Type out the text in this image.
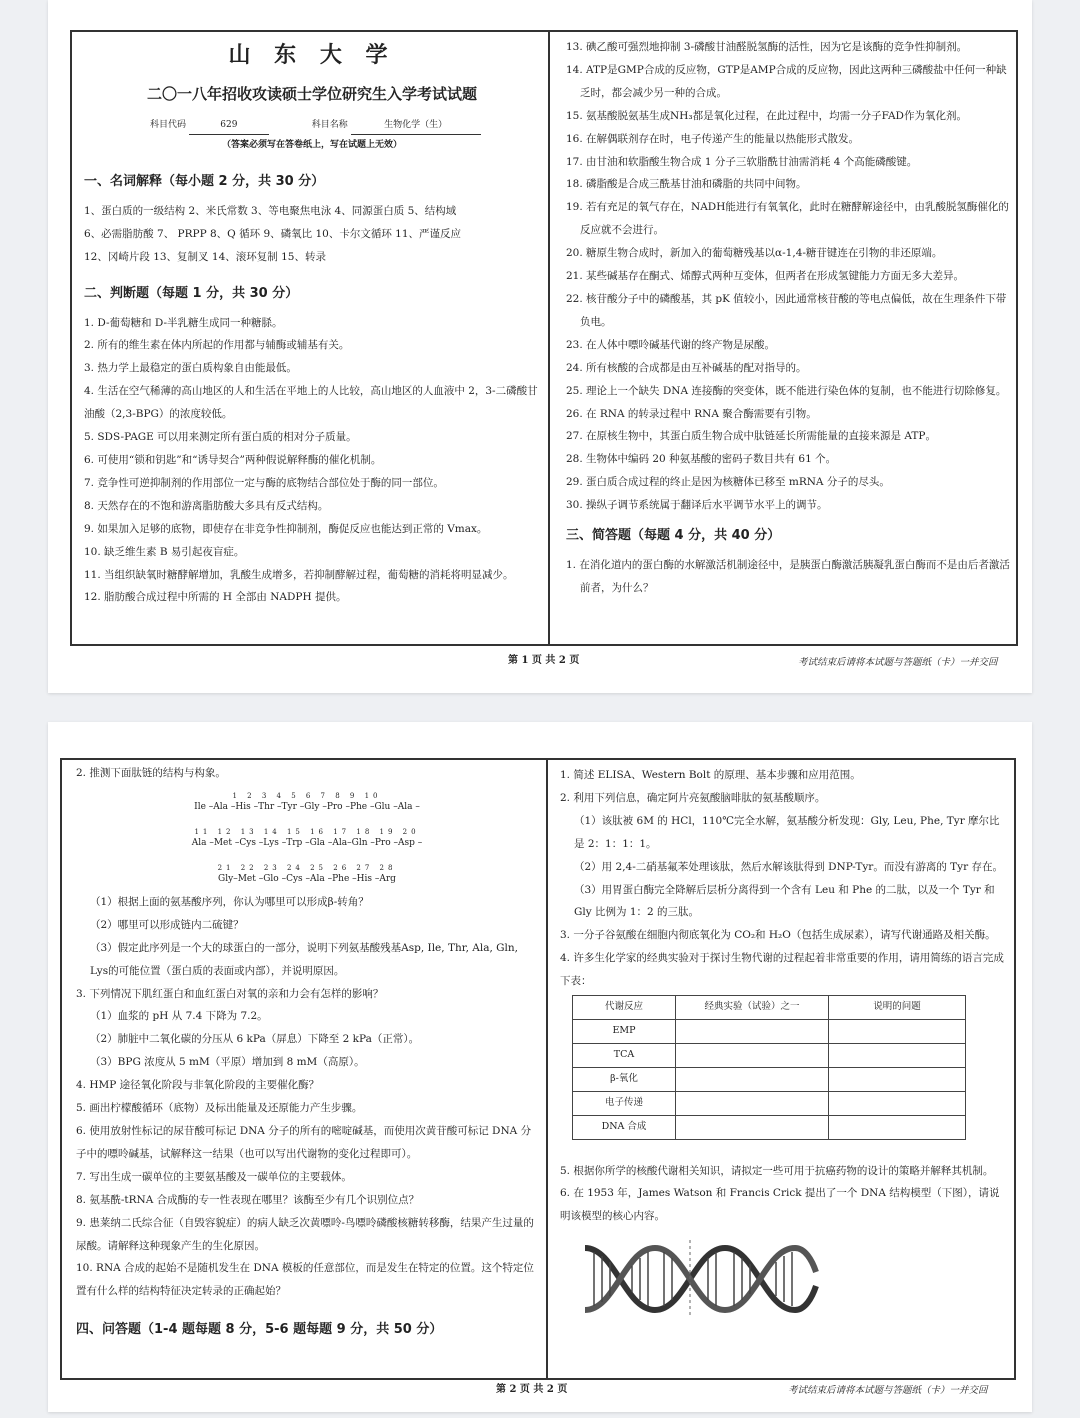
山 东 大 学
二〇一八年招收攻读硕士学位研究生入学考试试题
科目代码	629	科目名称	生物化学（生）
（答案必须写在答卷纸上，写在试题上无效）

一、名词解释（每小题 2 分，共 30 分）

1、蛋白质的一级结构 2、米氏常数 3、等电聚焦电泳 4、同源蛋白质 5、结构域

6、必需脂肪酸 7、 PRPP 8、Q 循环 9、磷氧比 10、卡尔文循环 11、严谨反应

12、冈崎片段 13、复制叉 14、滚环复制 15、转录

二、判断题（每题 1 分，共 30 分）

1. D-葡萄糖和 D-半乳糖生成同一种糖脎。

2. 所有的维生素在体内所起的作用都与辅酶或辅基有关。

3. 热力学上最稳定的蛋白质构象自由能最低。

4. 生活在空气稀薄的高山地区的人和生活在平地上的人比较，高山地区的人血液中 2，3-二磷酸甘油酸（2,3-BPG）的浓度较低。

5. SDS-PAGE 可以用来测定所有蛋白质的相对分子质量。

6. 可使用“锁和钥匙”和“诱导契合”两种假说解释酶的催化机制。

7. 竞争性可逆抑制剂的作用部位一定与酶的底物结合部位处于酶的同一部位。

8. 天然存在的不饱和游离脂肪酸大多具有反式结构。

9. 如果加入足够的底物，即使存在非竞争性抑制剂，酶促反应也能达到正常的 Vmax。

10. 缺乏维生素 B 易引起夜盲症。

11. 当组织缺氧时糖酵解增加，乳酸生成增多，若抑制酵解过程，葡萄糖的消耗将明显减少。

12. 脂肪酸合成过程中所需的 H 全部由 NADPH 提供。

13. 碘乙酸可强烈地抑制 3-磷酸甘油醛脱氢酶的活性，因为它是该酶的竞争性抑制剂。

14. ATP是GMP合成的反应物，GTP是AMP合成的反应物，因此这两种三磷酸盐中任何一种缺乏时，都会减少另一种的合成。

15. 氨基酸脱氨基生成NH₃都是氧化过程，在此过程中，均需一分子FAD作为氧化剂。

16. 在解偶联剂存在时，电子传递产生的能量以热能形式散发。

17. 由甘油和软脂酸生物合成 1 分子三软脂酰甘油需消耗 4 个高能磷酸键。

18. 磷脂酸是合成三酰基甘油和磷脂的共同中间物。

19. 若有充足的氧气存在，NADH能进行有氧氧化，此时在糖酵解途径中，由乳酸脱氢酶催化的反应就不会进行。

20. 糖原生物合成时，新加入的葡萄糖残基以α-1,4-糖苷键连在引物的非还原端。

21. 某些碱基存在酮式、烯醇式两种互变体，但两者在形成氢键能力方面无多大差异。

22. 核苷酸分子中的磷酸基，其 pK 值较小，因此通常核苷酸的等电点偏低，故在生理条件下带负电。

23. 在人体中嘌呤碱基代谢的终产物是尿酸。

24. 所有核酸的合成都是由互补碱基的配对指导的。

25. 理论上一个缺失 DNA 连接酶的突变体，既不能进行染色体的复制，也不能进行切除修复。

26. 在 RNA 的转录过程中 RNA 聚合酶需要有引物。

27. 在原核生物中，其蛋白质生物合成中肽链延长所需能量的直接来源是 ATP。

28. 生物体中编码 20 种氨基酸的密码子数目共有 61 个。

29. 蛋白质合成过程的终止是因为核糖体已移至 mRNA 分子的尽头。

30. 操纵子调节系统属于翻译后水平调节水平上的调节。

三、简答题（每题 4 分，共 40 分）

1. 在消化道内的蛋白酶的水解激活机制途径中，是胰蛋白酶激活胰凝乳蛋白酶而不是由后者激活前者，为什么？

第 1 页 共 2 页	考试结束后请将本试题与答题纸（卡）一并交回

2. 推测下面肽链的结构与构象。

1 2 3 4 5 6 7 8 9 10
Ile –Ala –His –Thr –Tyr –Gly –Pro –Phe –Glu –Ala –
11 12 13 14 15 16 17 18 19 20
Ala –Met –Cys –Lys –Trp –Gla –Ala–Gln –Pro –Asp –
21 22 23 24 25 26 27 28
Gly–Met –Glo –Cys –Ala –Phe –His –Arg

（1）根据上面的氨基酸序列，你认为哪里可以形成β-转角？

（2）哪里可以形成链内二硫键？

（3）假定此序列是一个大的球蛋白的一部分，说明下列氨基酸残基Asp, Ile, Thr, Ala, Gln, Lys的可能位置（蛋白质的表面或内部），并说明原因。

3. 下列情况下肌红蛋白和血红蛋白对氧的亲和力会有怎样的影响？

（1）血浆的 pH 从 7.4 下降为 7.2。

（2）肺脏中二氧化碳的分压从 6 kPa（屏息）下降至 2 kPa（正常）。

（3）BPG 浓度从 5 mM（平原）增加到 8 mM（高原）。

4. HMP 途径氧化阶段与非氧化阶段的主要催化酶？

5. 画出柠檬酸循环（底物）及标出能量及还原能力产生步骤。

6. 使用放射性标记的尿苷酸可标记 DNA 分子的所有的嘧啶碱基，而使用次黄苷酸可标记 DNA 分子中的嘌呤碱基，试解释这一结果（也可以写出代谢物的变化过程即可）。

7. 写出生成一碳单位的主要氨基酸及一碳单位的主要载体。

8. 氨基酰-tRNA 合成酶的专一性表现在哪里？该酶至少有几个识别位点？

9. 患莱纳二氏综合征（自毁容貌症）的病人缺乏次黄嘌呤-鸟嘌呤磷酸核糖转移酶，结果产生过量的尿酸。请解释这种现象产生的生化原因。

10. RNA 合成的起始不是随机发生在 DNA 模板的任意部位，而是发生在特定的位置。这个特定位置有什么样的结构特征决定转录的正确起始？

四、问答题（1-4 题每题 8 分，5-6 题每题 9 分，共 50 分）

1. 简述 ELISA、Western Bolt 的原理、基本步骤和应用范围。

2. 利用下列信息，确定阿片亮氨酸脑啡肽的氨基酸顺序。

（1）该肽被 6M 的 HCl，110℃完全水解，氨基酸分析发现：Gly, Leu, Phe, Tyr 摩尔比是 2：1：1：1。

（2）用 2,4-二硝基氟苯处理该肽，然后水解该肽得到 DNP-Tyr。而没有游离的 Tyr 存在。

（3）用胃蛋白酶完全降解后层析分离得到一个含有 Leu 和 Phe 的二肽，以及一个 Tyr 和 Gly 比例为 1：2 的三肽。

3. 一分子谷氨酸在细胞内彻底氧化为 CO₂和 H₂O（包括生成尿素），请写代谢通路及相关酶。

4. 许多生化学家的经典实验对于探讨生物代谢的过程起着非常重要的作用，请用简练的语言完成下表：

代谢反应	经典实验（试验）之一	说明的问题
EMP		
TCA		
β-氧化		
电子传递		
DNA 合成		

5. 根据你所学的核酸代谢相关知识，请拟定一些可用于抗癌药物的设计的策略并解释其机制。

6. 在 1953 年，James Watson 和 Francis Crick 提出了一个 DNA 结构模型（下图），请说明该模型的核心内容。

第 2 页 共 2 页	考试结束后请将本试题与答题纸（卡）一并交回
